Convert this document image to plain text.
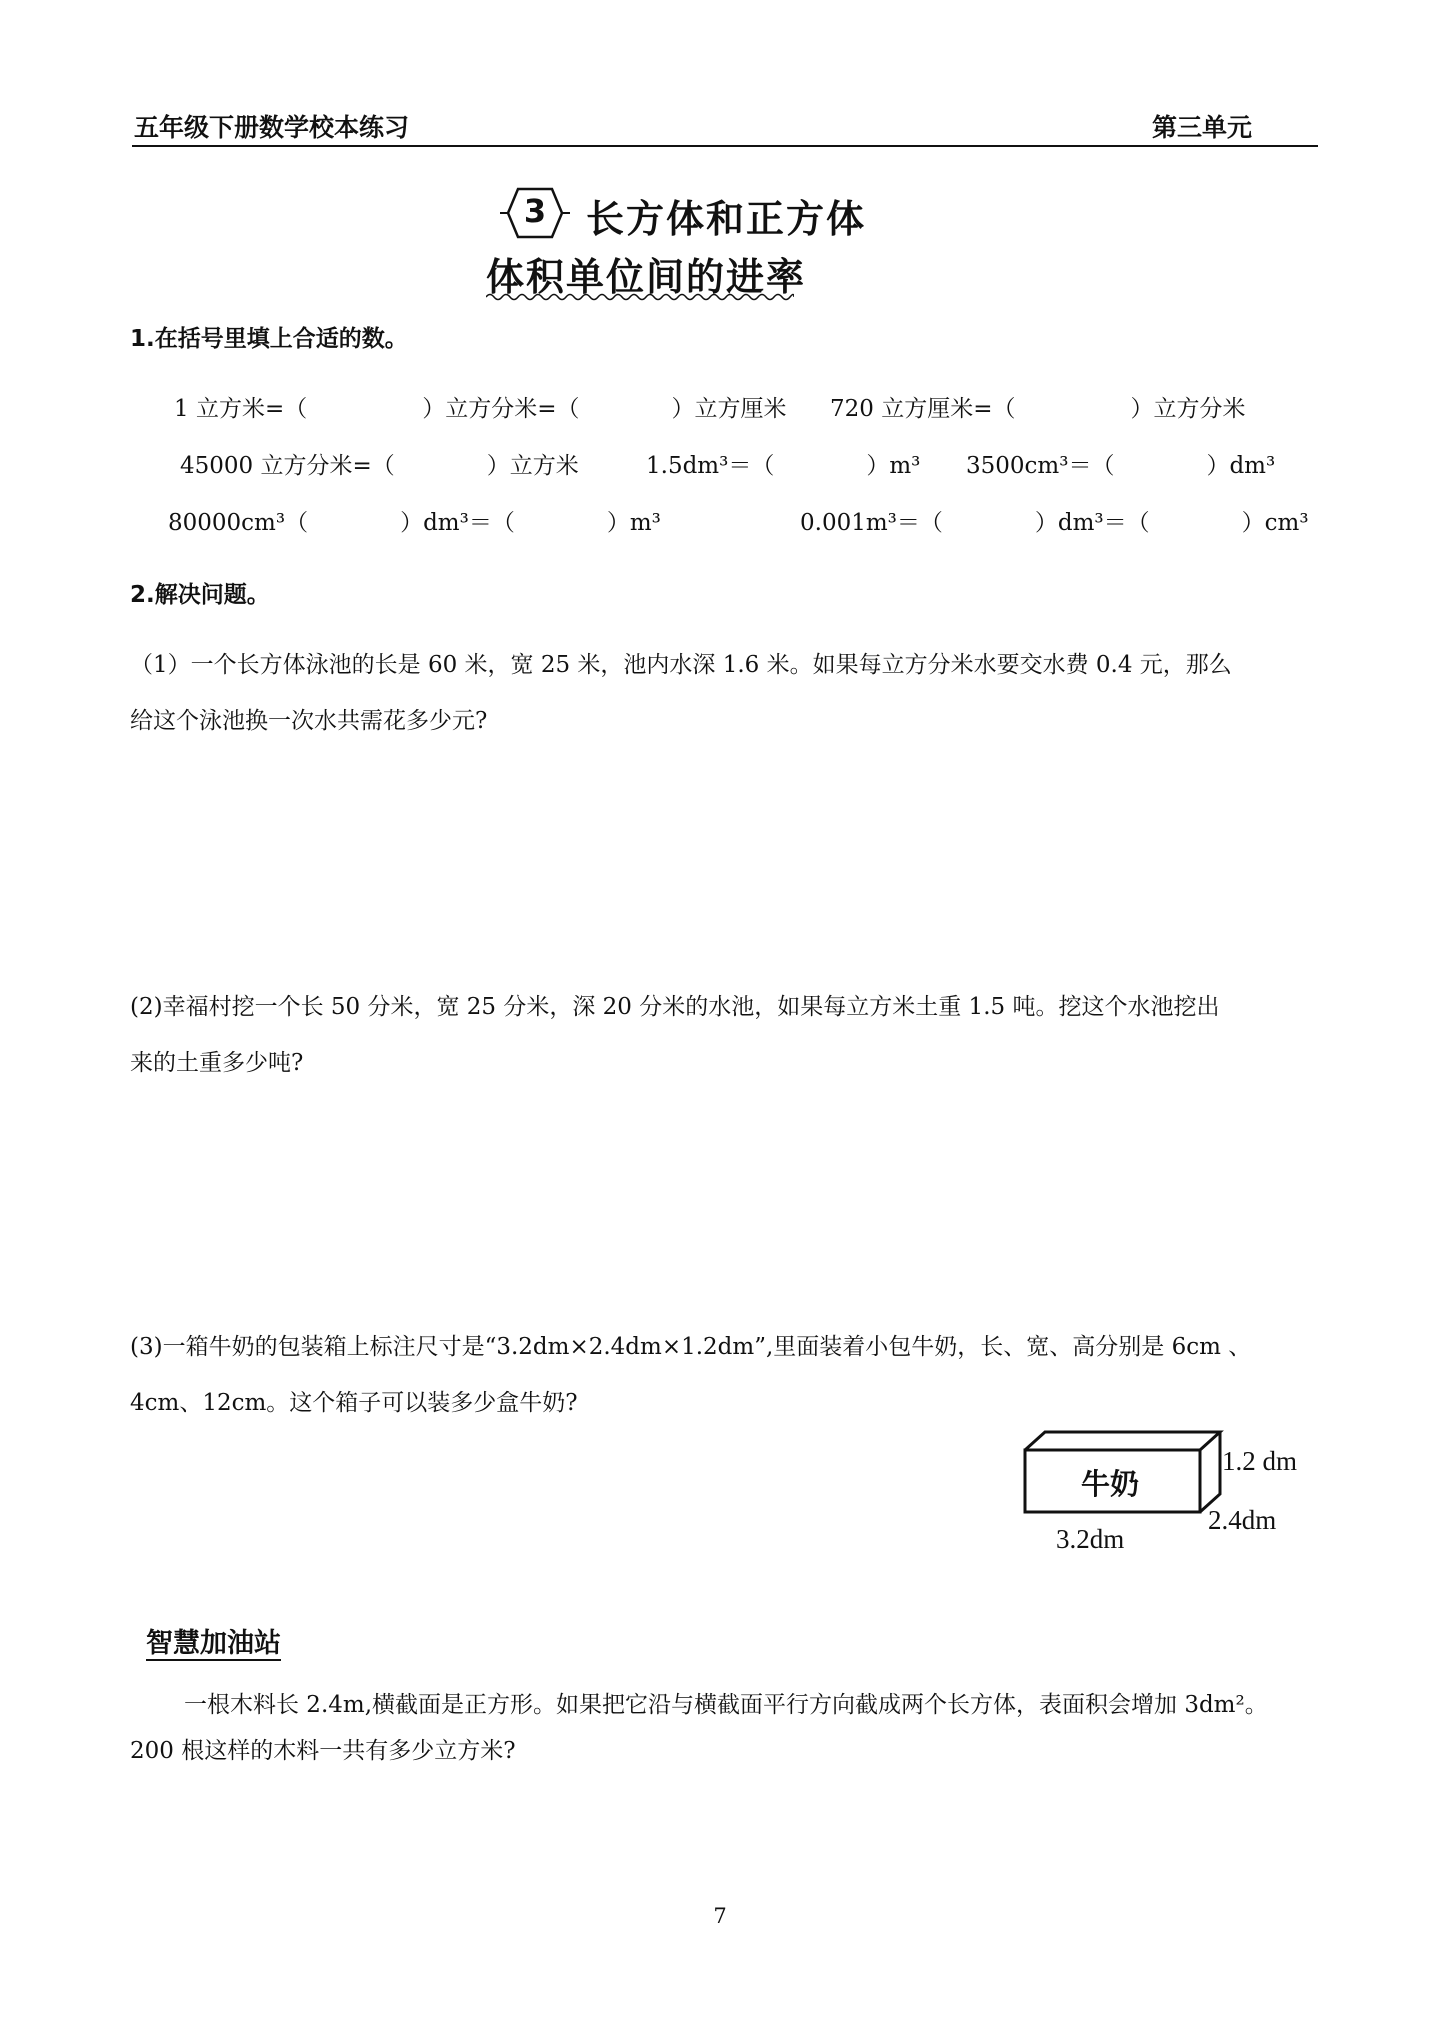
五年级下册数学校本练习	第三单元
3	长方体和正方体
体积单位间的进率
1.在括号里填上合适的数。
1 立方米=（　　　　　）立方分米=（　　　　）立方厘米 720 立方厘米=（　　　　　）立方分米
45000 立方分米=（　　　　）立方米	1.5dm³＝（　　　　）m³ 3500cm³＝（　　　　）dm³
80000cm³（　　　　）dm³＝（　　　　）m³	0.001m³＝（　　　　）dm³＝（　　　　）cm³
2.解决问题。
（1）一个长方体泳池的长是 60 米，宽 25 米，池内水深 1.6 米。如果每立方分米水要交水费 0.4 元，那么
给这个泳池换一次水共需花多少元?
(2)幸福村挖一个长 50 分米，宽 25 分米，深 20 分米的水池，如果每立方米土重 1.5 吨。挖这个水池挖出
来的土重多少吨?
(3)一箱牛奶的包装箱上标注尺寸是“3.2dm×2.4dm×1.2dm”,里面装着小包牛奶，长、宽、高分别是 6cm 、
4cm、12cm。这个箱子可以装多少盒牛奶?
牛奶
1.2 dm
2.4dm
3.2dm
智慧加油站
一根木料长 2.4m,横截面是正方形。如果把它沿与横截面平行方向截成两个长方体，表面积会增加 3dm²。
200 根这样的木料一共有多少立方米?
7
